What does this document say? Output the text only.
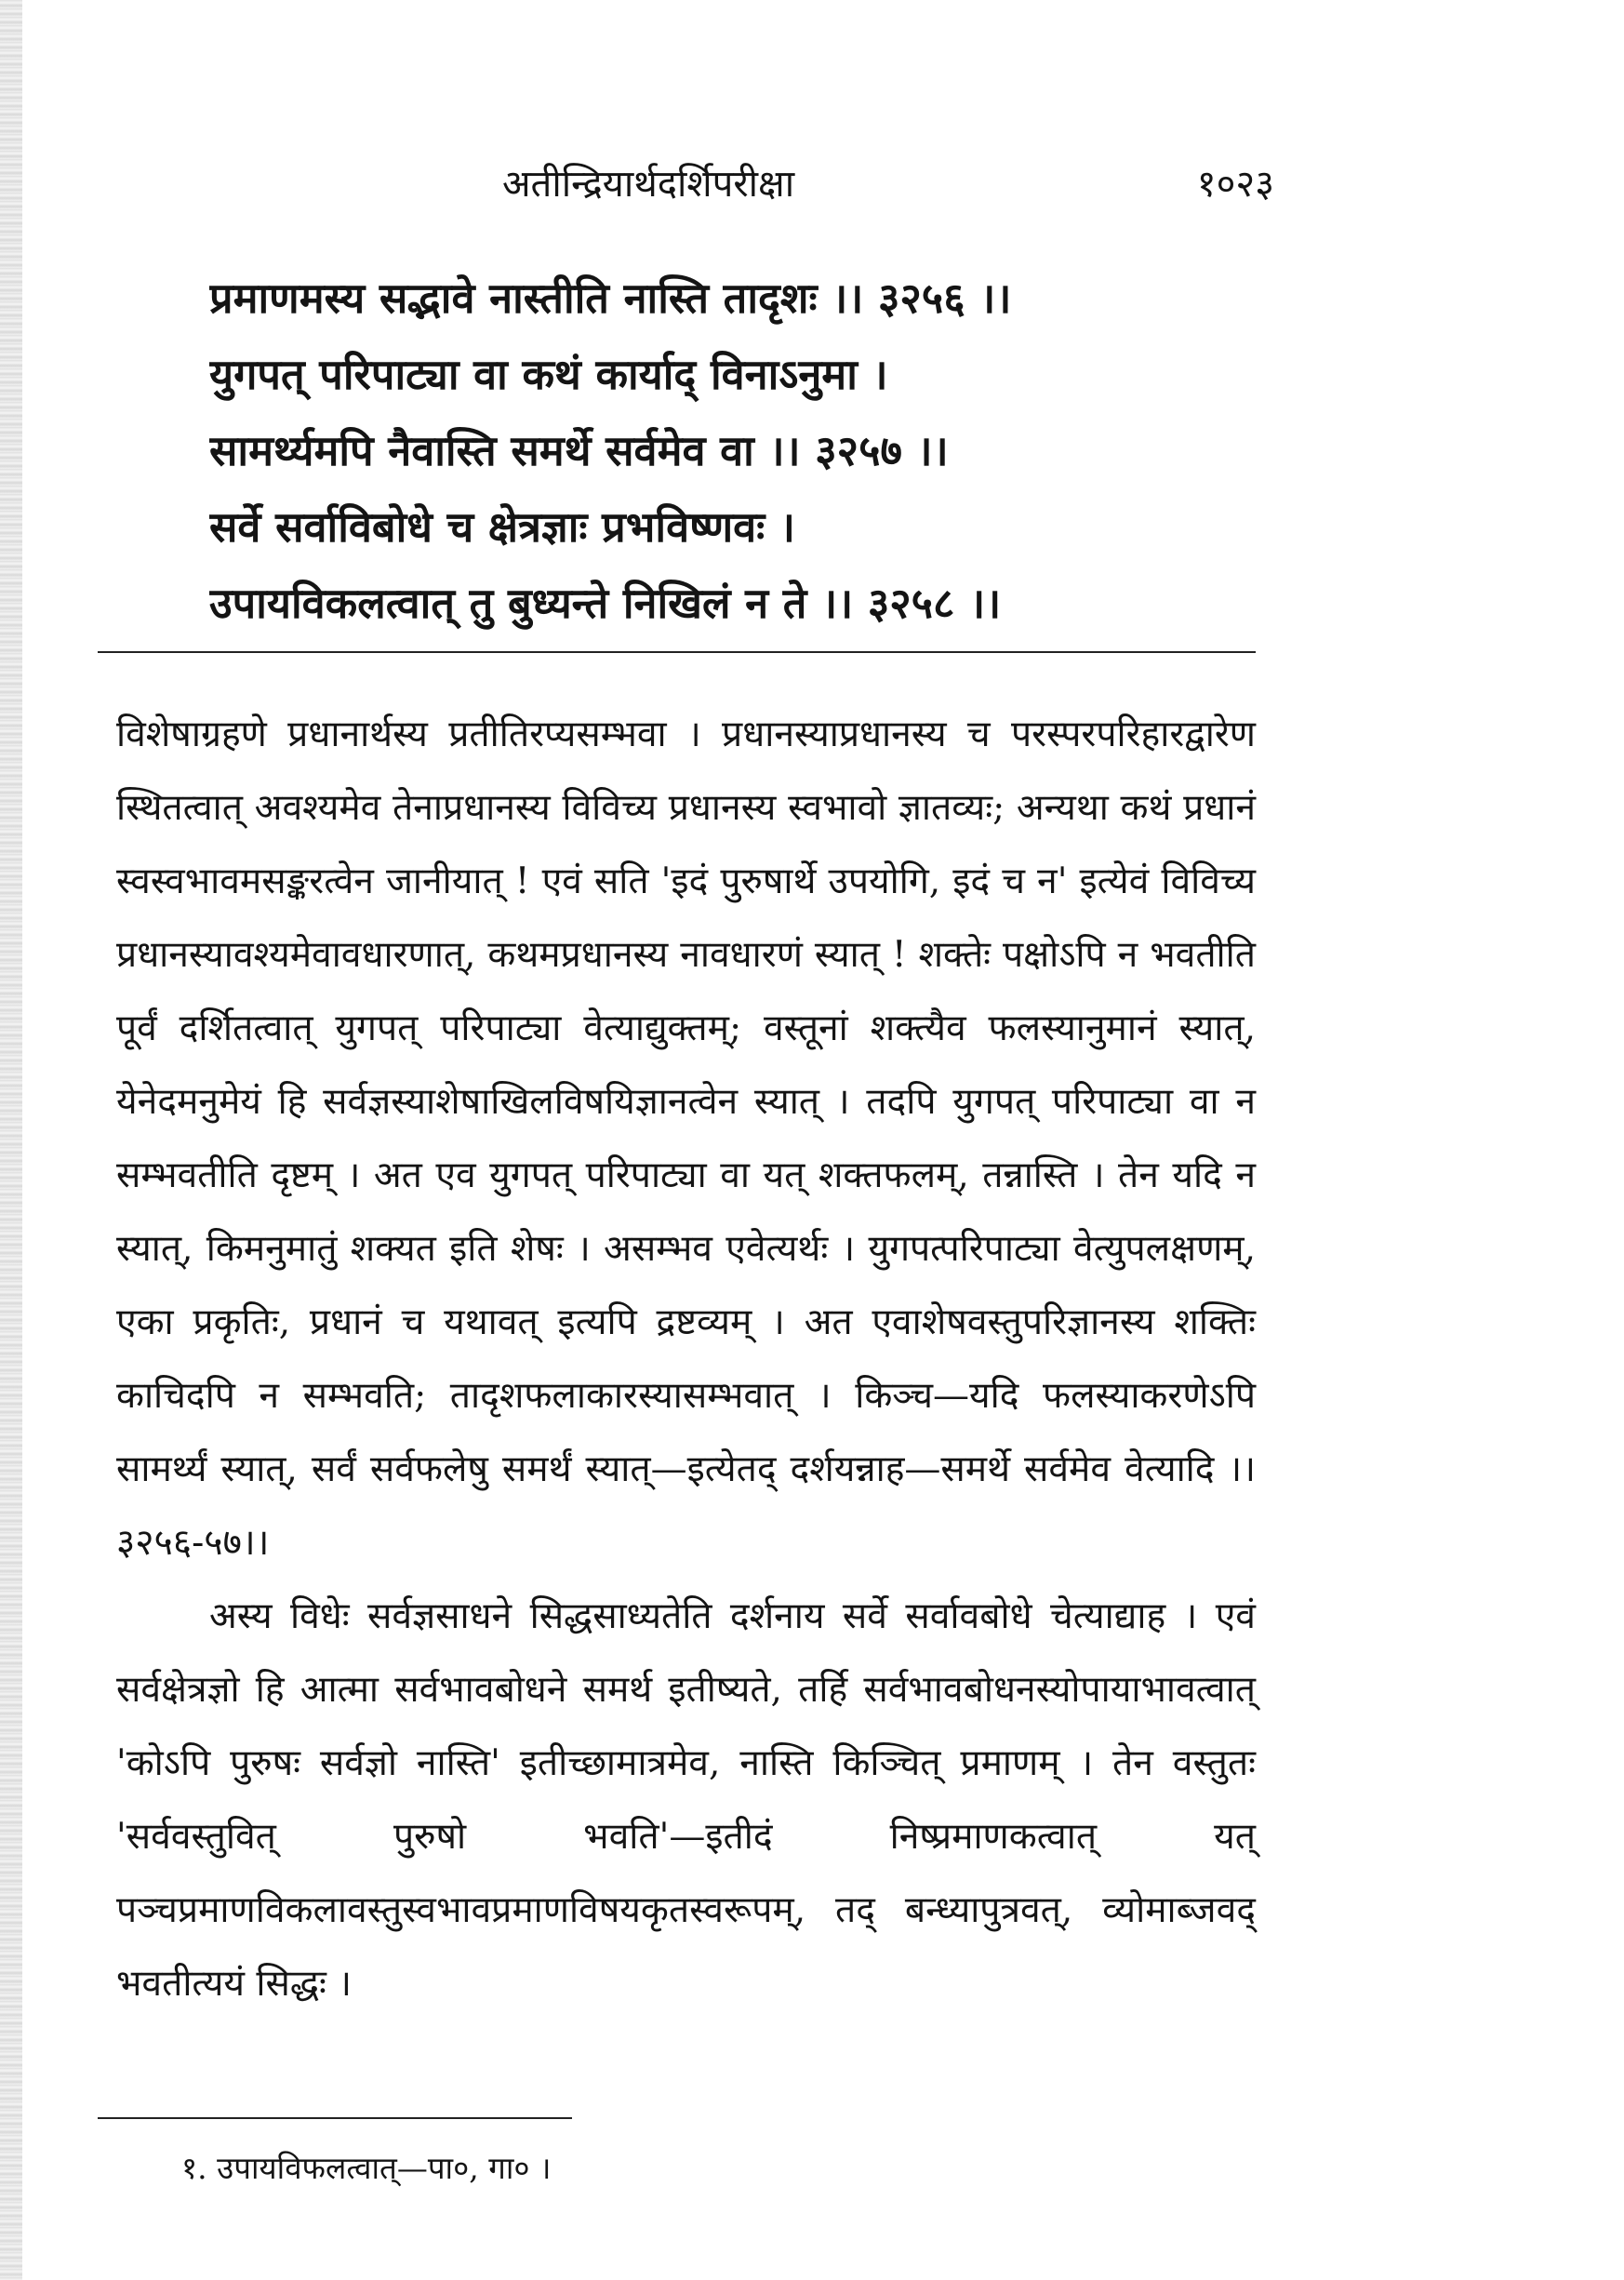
अतीन्द्रियार्थदर्शिपरीक्षा	१०२३
प्रमाणमस्य सद्भावे नास्तीति नास्ति तादृशः ।। ३२५६ ।।
युगपत् परिपाट्या वा कथं कार्याद् विनाऽनुमा ।
सामर्थ्यमपि नैवास्ति समर्थे सर्वमेव वा ।। ३२५७ ।।
सर्वे सर्वाविबोधे च क्षेत्रज्ञाः प्रभविष्णवः ।
उपायविकलत्वात् तु बुध्यन्ते निखिलं न ते ।। ३२५८ ।।

विशेषाग्रहणे प्रधानार्थस्य प्रतीतिरप्यसम्भवा । प्रधानस्याप्रधानस्य च परस्परपरिहारद्वारेण स्थितत्वात् अवश्यमेव तेनाप्रधानस्य विविच्य प्रधानस्य स्वभावो ज्ञातव्यः; अन्यथा कथं प्रधानं स्वस्वभावमसङ्करत्वेन जानीयात् ! एवं सति 'इदं पुरुषार्थे उपयोगि, इदं च न' इत्येवं विविच्य प्रधानस्यावश्यमेवावधारणात्, कथमप्रधानस्य नावधारणं स्यात् ! शक्तेः पक्षोऽपि न भवतीति पूर्वं दर्शितत्वात् युगपत् परिपाट्या वेत्याद्युक्तम्; वस्तूनां शक्त्यैव फलस्यानुमानं स्यात्, येनेदमनुमेयं हि सर्वज्ञस्याशेषाखिलविषयिज्ञानत्वेन स्यात् । तदपि युगपत् परिपाट्या वा न सम्भवतीति दृष्टम् । अत एव युगपत् परिपाट्या वा यत् शक्तफलम्, तन्नास्ति । तेन यदि न स्यात्, किमनुमातुं शक्यत इति शेषः । असम्भव एवेत्यर्थः । युगपत्परिपाट्या वेत्युपलक्षणम्, एका प्रकृतिः, प्रधानं च यथावत् इत्यपि द्रष्टव्यम् । अत एवाशेषवस्तुपरिज्ञानस्य शक्तिः काचिदपि न सम्भवति; तादृशफलाकारस्यासम्भवात् । किञ्च—यदि फलस्याकरणेऽपि सामर्थ्यं स्यात्, सर्वं सर्वफलेषु समर्थं स्यात्—इत्येतद् दर्शयन्नाह—समर्थे सर्वमेव वेत्यादि ।।३२५६-५७।।

अस्य विधेः सर्वज्ञसाधने सिद्धसाध्यतेति दर्शनाय सर्वे सर्वावबोधे चेत्याद्याह । एवं सर्वक्षेत्रज्ञो हि आत्मा सर्वभावबोधने समर्थ इतीष्यते, तर्हि सर्वभावबोधनस्योपायाभावत्वात् 'कोऽपि पुरुषः सर्वज्ञो नास्ति' इतीच्छामात्रमेव, नास्ति किञ्चित् प्रमाणम् । तेन वस्तुतः 'सर्ववस्तुवित् पुरुषो भवति'—इतीदं निष्प्रमाणकत्वात् यत् पञ्चप्रमाणविकलावस्तुस्वभावप्रमाणविषयकृतस्वरूपम्, तद् बन्ध्यापुत्रवत्, व्योमाब्जवद् भवतीत्ययं सिद्धः ।

१. उपायविफलत्वात्—पा०, गा० ।
